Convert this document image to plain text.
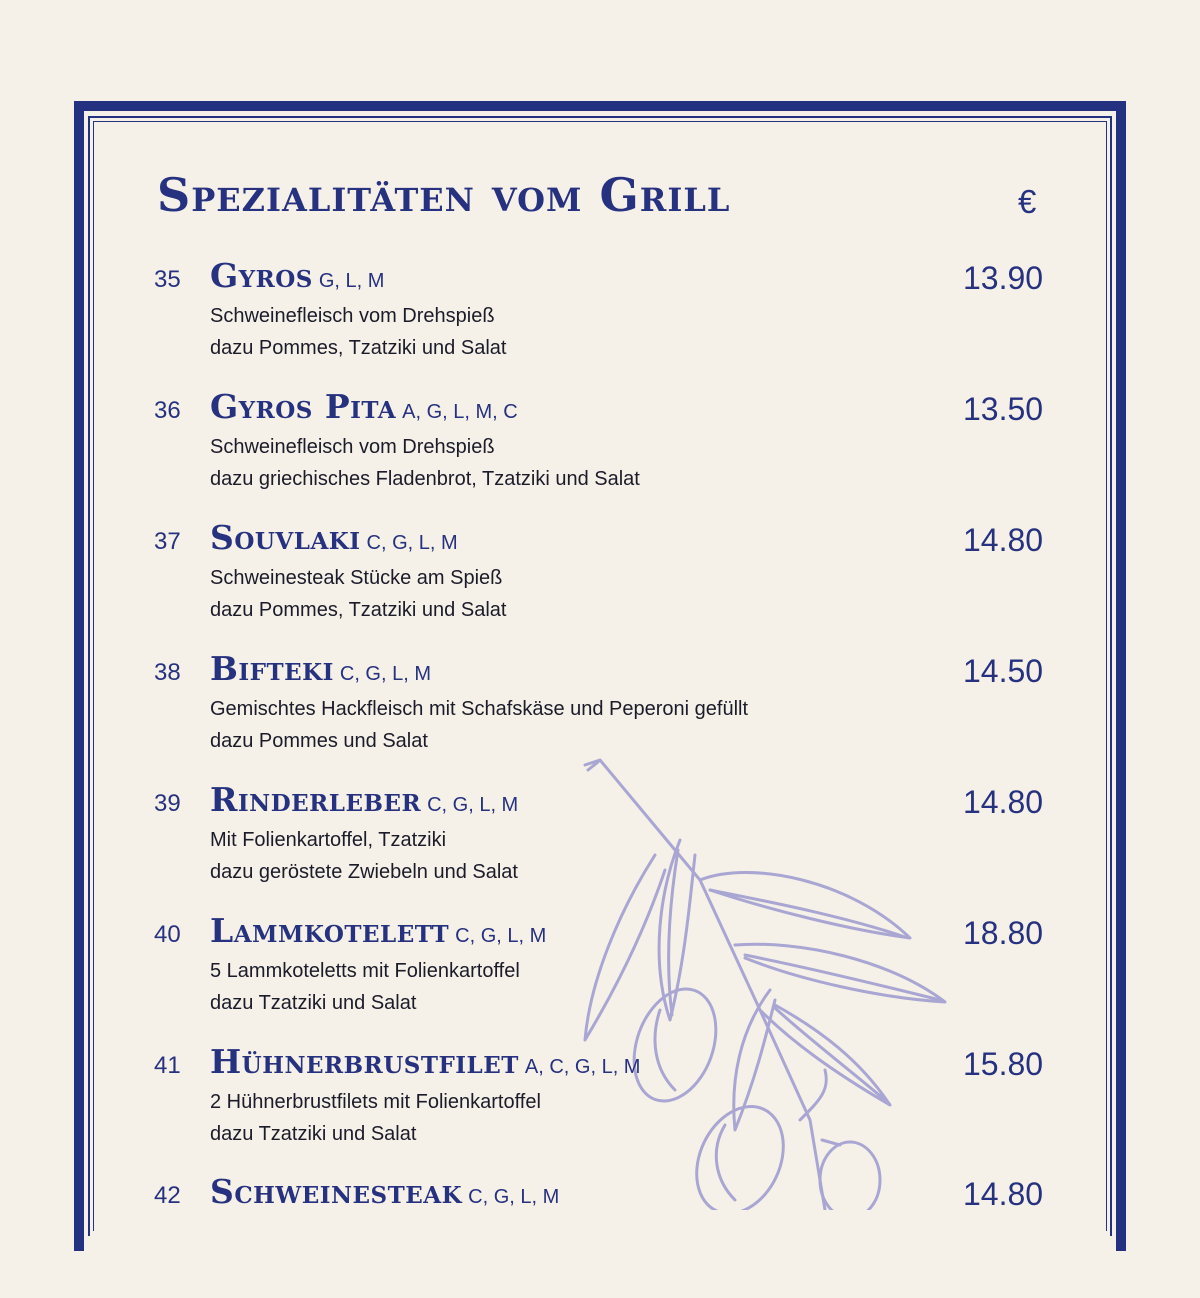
Spezialitäten vom Grill	€
35 Gyros G, L, M
Schweinefleisch vom Drehspieß
dazu Pommes, Tzatziki und Salat
13.90
36 Gyros Pita A, G, L, M, C
Schweinefleisch vom Drehspieß
dazu griechisches Fladenbrot, Tzatziki und Salat
13.50
37 Souvlaki C, G, L, M
Schweinesteak Stücke am Spieß
dazu Pommes, Tzatziki und Salat
14.80
38 Bifteki C, G, L, M
Gemischtes Hackfleisch mit Schafskäse und Peperoni gefüllt
dazu Pommes und Salat
14.50
39 Rinderleber C, G, L, M
Mit Folienkartoffel, Tzatziki
dazu geröstete Zwiebeln und Salat
14.80
40 Lammkotelett C, G, L, M
5 Lammkoteletts mit Folienkartoffel
dazu Tzatziki und Salat
18.80
41 Hühnerbrustfilet A, C, G, L, M
2 Hühnerbrustfilets mit Folienkartoffel
dazu Tzatziki und Salat
15.80
42 Schweinesteak C, G, L, M	14.80
